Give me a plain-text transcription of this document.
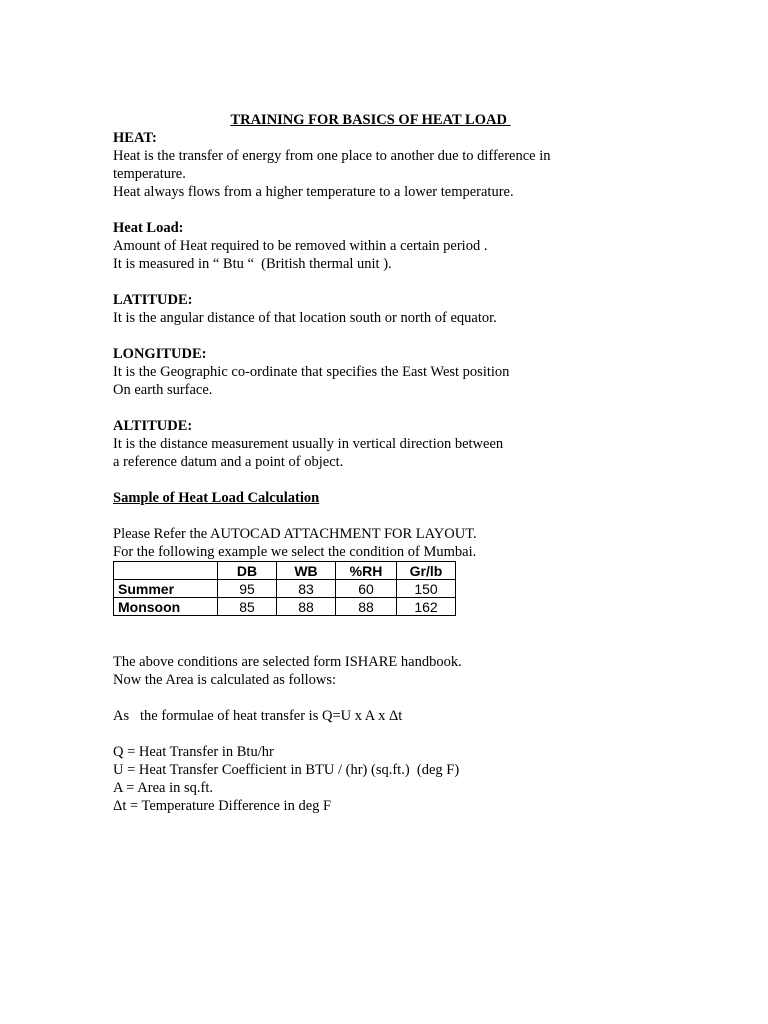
TRAINING FOR BASICS OF HEAT LOAD
HEAT:
Heat is the transfer of energy from one place to another due to difference in
temperature.
Heat always flows from a higher temperature to a lower temperature.
Heat Load:
Amount of Heat required to be removed within a certain period .
It is measured in “ Btu “  (British thermal unit ).
LATITUDE:
It is the angular distance of that location south or north of equator.
LONGITUDE:
It is the Geographic co-ordinate that specifies the East West position
On earth surface.
ALTITUDE:
It is the distance measurement usually in vertical direction between
a reference datum and a point of object.
Sample of Heat Load Calculation
Please Refer the AUTOCAD ATTACHMENT FOR LAYOUT.
For the following example we select the condition of Mumbai.
	DB	WB	%RH	Gr/lb
Summer	95	83	60	150
Monsoon	85	88	88	162
The above conditions are selected form ISHARE handbook.
Now the Area is calculated as follows:
As   the formulae of heat transfer is Q=U x A x Δt
Q = Heat Transfer in Btu/hr
U = Heat Transfer Coefficient in BTU / (hr) (sq.ft.)  (deg F)
A = Area in sq.ft.
Δt = Temperature Difference in deg F
